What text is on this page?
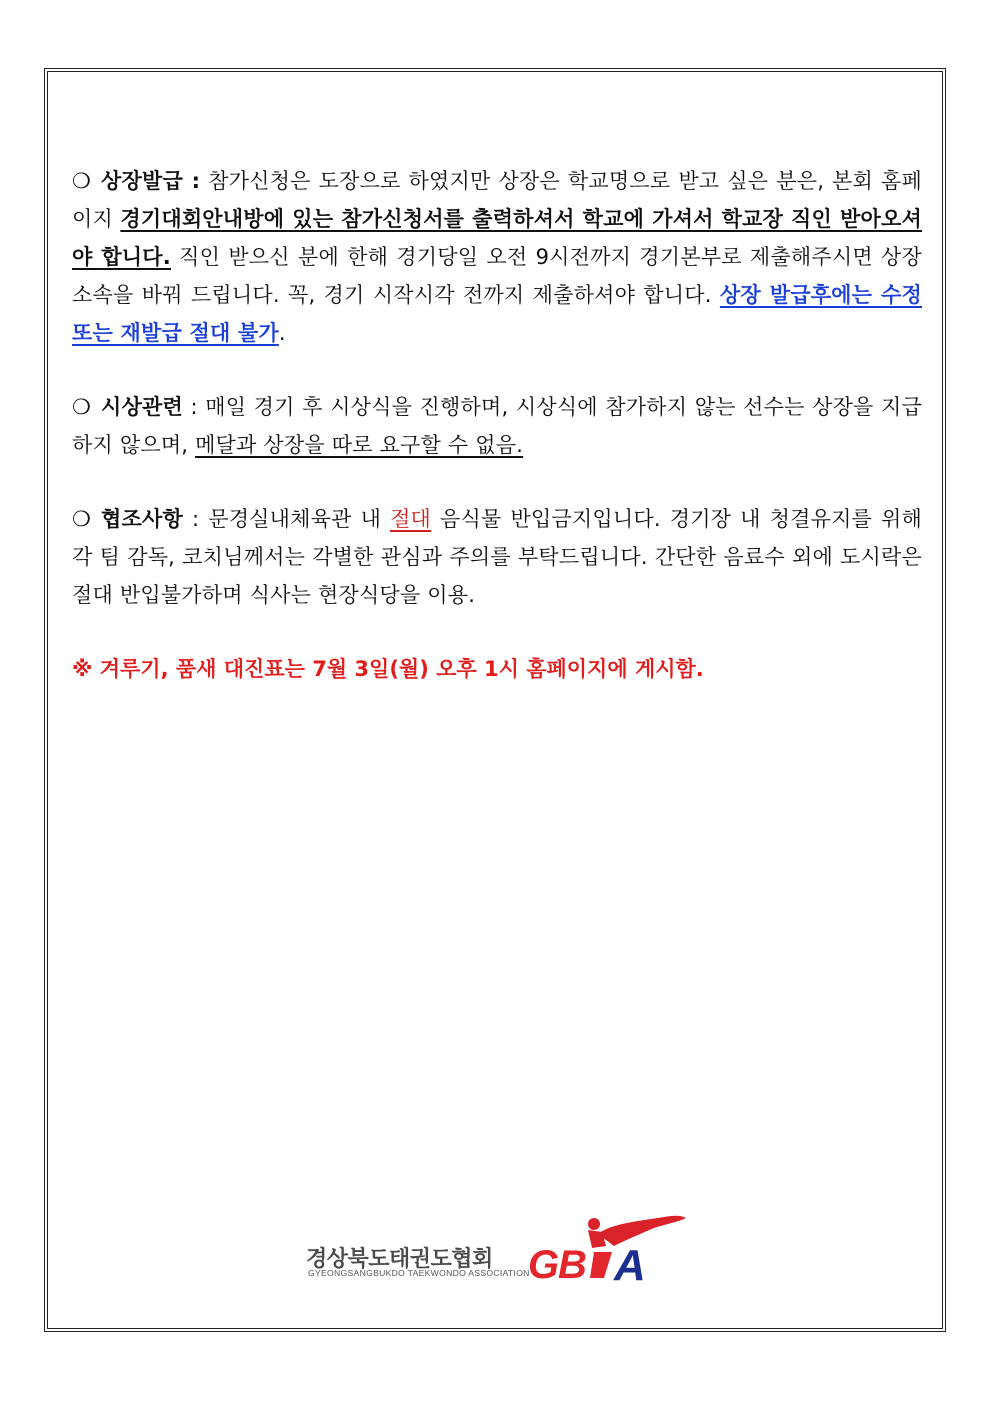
❍ 상장발급 : 참가신청은 도장으로 하였지만 상장은 학교명으로 받고 싶은 분은, 본회 홈페이지 경기대회안내방에 있는 참가신청서를 출력하셔서 학교에 가셔서 학교장 직인 받아오셔야 합니다. 직인 받으신 분에 한해 경기당일 오전 9시전까지 경기본부로 제출해주시면 상장 소속을 바꿔 드립니다. 꼭, 경기 시작시각 전까지 제출하셔야 합니다. 상장 발급후에는 수정 또는 재발급 절대 불가.

❍ 시상관련 : 매일 경기 후 시상식을 진행하며, 시상식에 참가하지 않는 선수는 상장을 지급하지 않으며, 메달과 상장을 따로 요구할 수 없음.

❍ 협조사항 : 문경실내체육관 내 절대 음식물 반입금지입니다. 경기장 내 청결유지를 위해 각 팀 감독, 코치님께서는 각별한 관심과 주의를 부탁드립니다. 간단한 음료수 외에 도시락은 절대 반입불가하며 식사는 현장식당을 이용.

※ 겨루기, 품새 대진표는 7월 3일(월) 오후 1시 홈페이지에 게시함.

경상북도태권도협회
GYEONGSANGBUKDO TAEKWONDO ASSOCIATION
G
B A
